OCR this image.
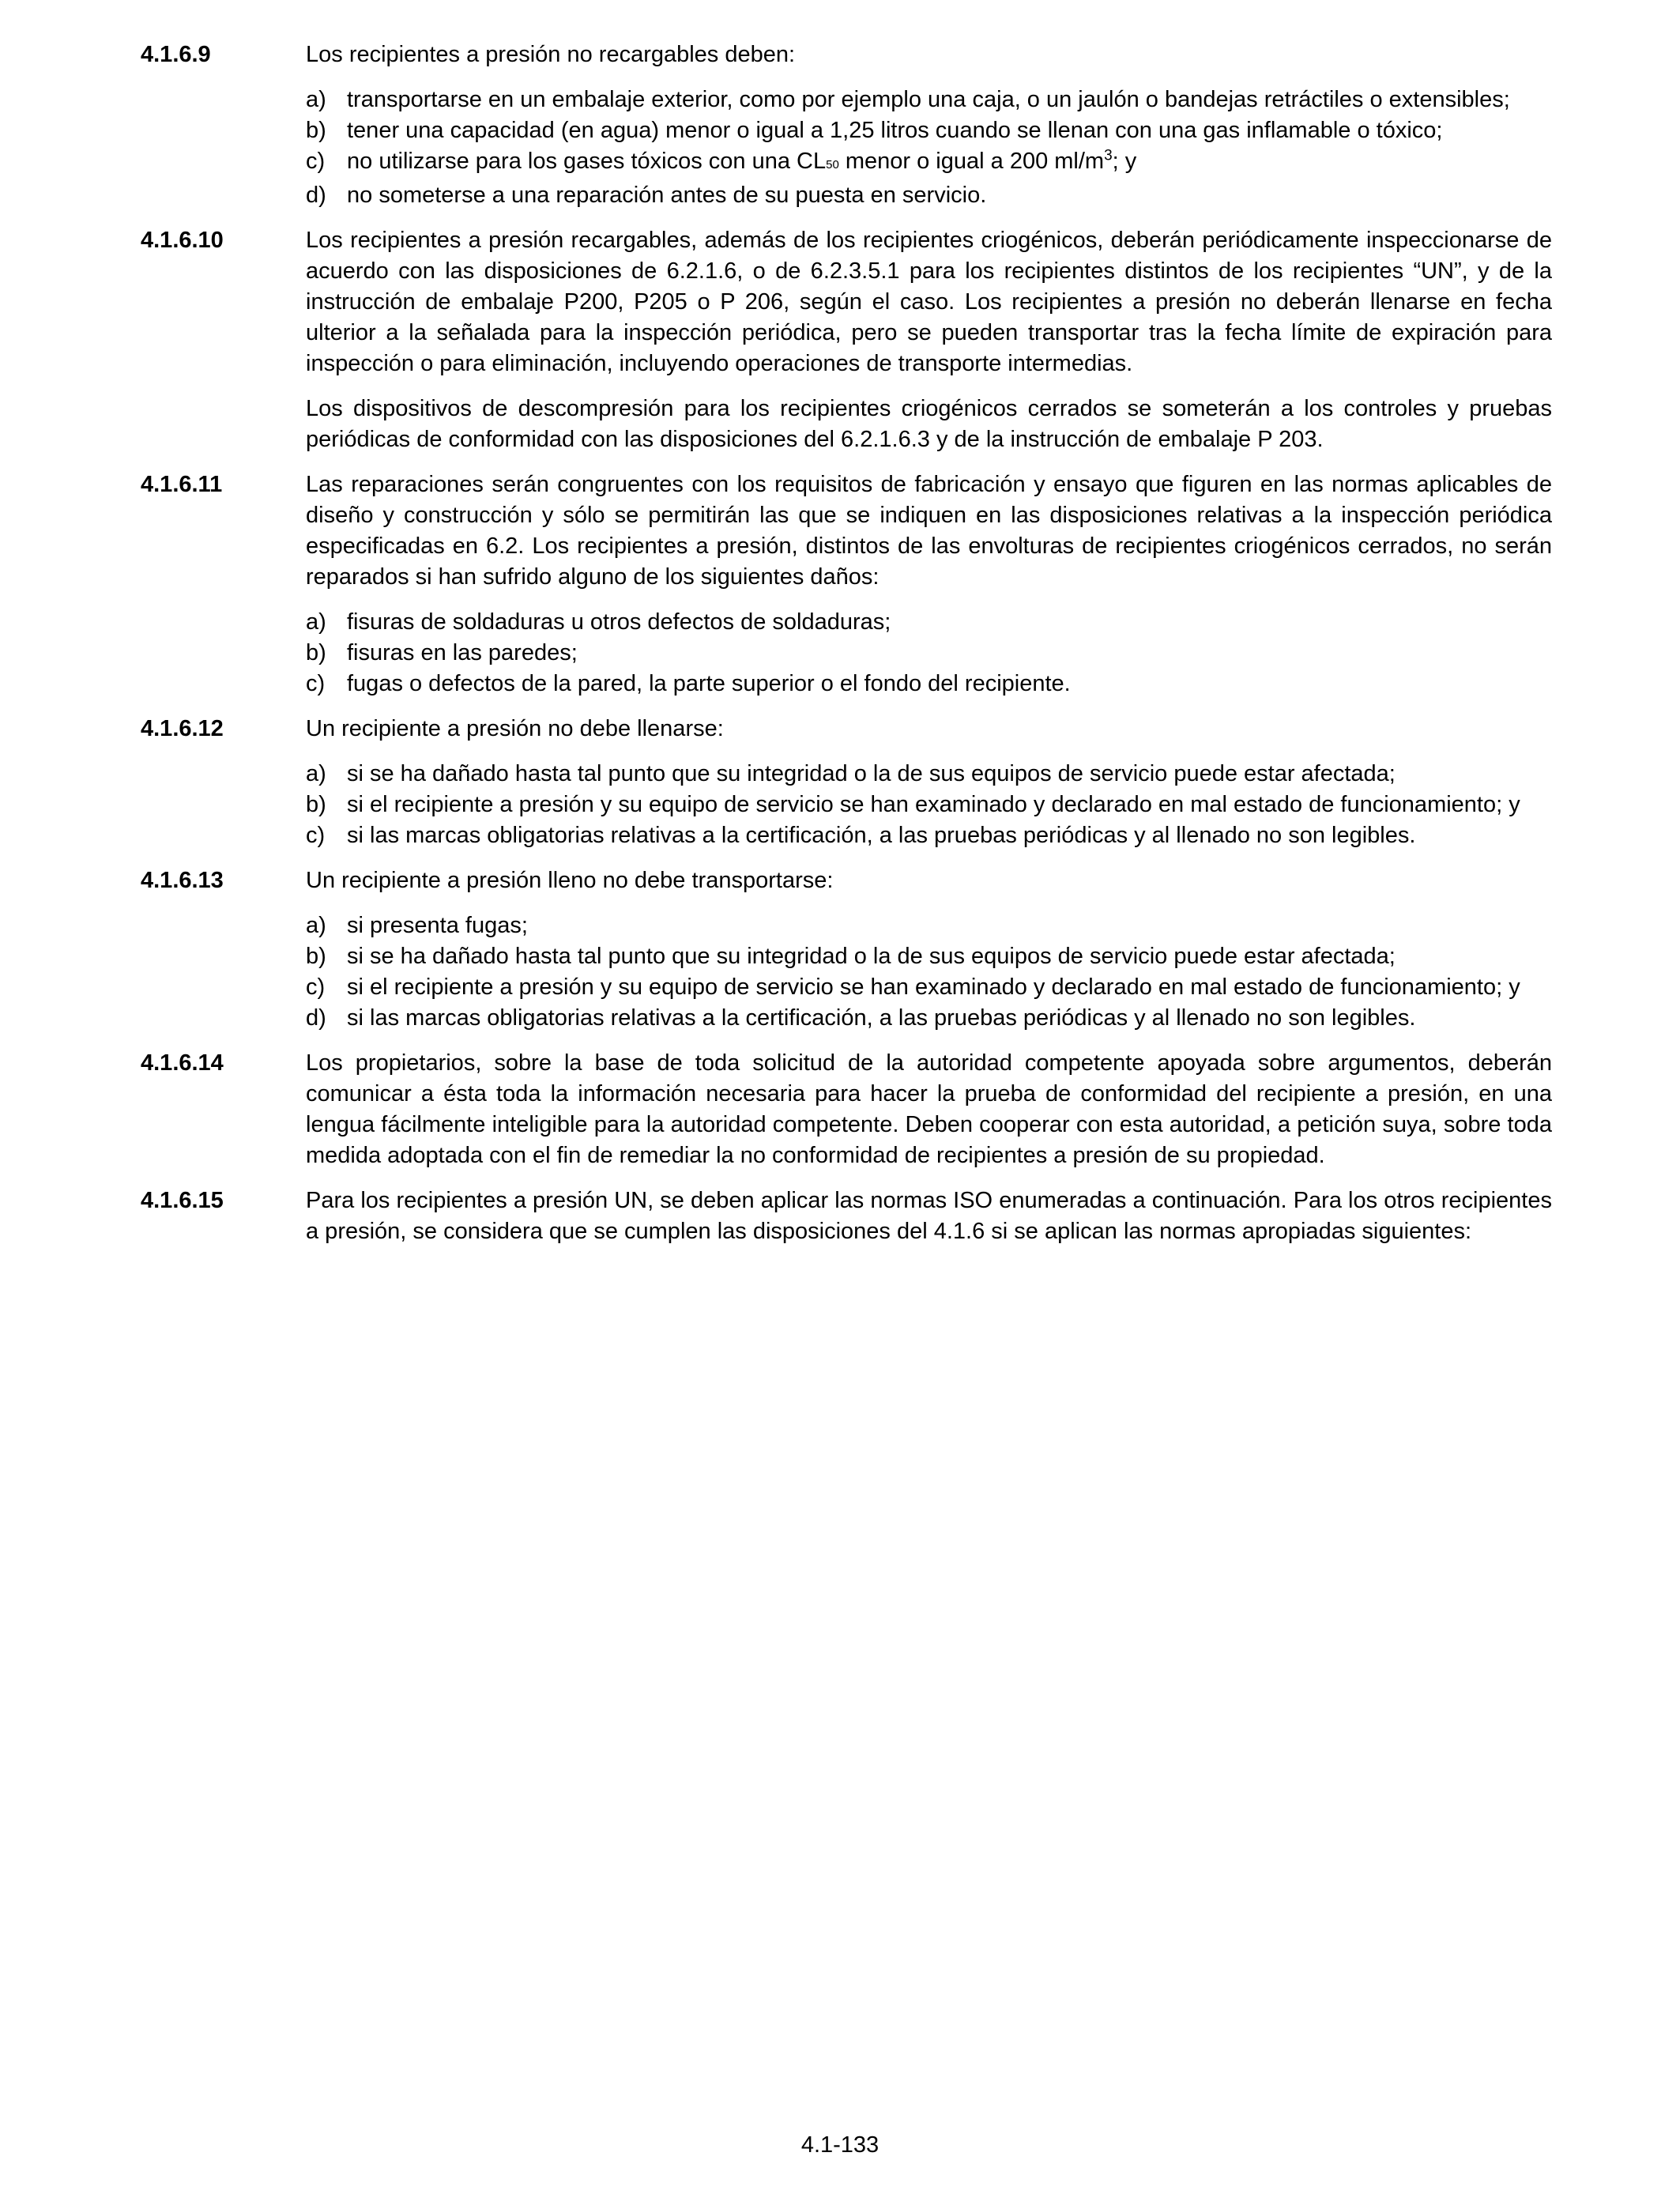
4.1.6.9	Los recipientes a presión no recargables deben:

a) transportarse en un embalaje exterior, como por ejemplo una caja, o un jaulón o bandejas retráctiles o extensibles;
b) tener una capacidad (en agua) menor o igual a 1,25 litros cuando se llenan con una gas inflamable o tóxico;
c) no utilizarse para los gases tóxicos con una CL50 menor o igual a 200 $ml/m^3$; y
d) no someterse a una reparación antes de su puesta en servicio.
4.1.6.10	Los recipientes a presión recargables, además de los recipientes criogénicos, deberán periódicamente inspeccionarse de acuerdo con las disposiciones de 6.2.1.6, o de 6.2.3.5.1 para los recipientes distintos de los recipientes “UN”, y de la instrucción de embalaje P200, P205 o P 206, según el caso. Los recipientes a presión no deberán llenarse en fecha ulterior a la señalada para la inspección periódica, pero se pueden transportar tras la fecha límite de expiración para inspección o para eliminación, incluyendo operaciones de transporte intermedias.

Los dispositivos de descompresión para los recipientes criogénicos cerrados se someterán a los controles y pruebas periódicas de conformidad con las disposiciones del 6.2.1.6.3 y de la instrucción de embalaje P 203.

4.1.6.11	Las reparaciones serán congruentes con los requisitos de fabricación y ensayo que figuren en las normas aplicables de diseño y construcción y sólo se permitirán las que se indiquen en las disposiciones relativas a la inspección periódica especificadas en 6.2. Los recipientes a presión, distintos de las envolturas de recipientes criogénicos cerrados, no serán reparados si han sufrido alguno de los siguientes daños:

a) fisuras de soldaduras u otros defectos de soldaduras;
b) fisuras en las paredes;
c) fugas o defectos de la pared, la parte superior o el fondo del recipiente.
4.1.6.12	Un recipiente a presión no debe llenarse:

a) si se ha dañado hasta tal punto que su integridad o la de sus equipos de servicio puede estar afectada;
b) si el recipiente a presión y su equipo de servicio se han examinado y declarado en mal estado de funcionamiento; y
c) si las marcas obligatorias relativas a la certificación, a las pruebas periódicas y al llenado no son legibles.
4.1.6.13	Un recipiente a presión lleno no debe transportarse:

a) si presenta fugas;
b) si se ha dañado hasta tal punto que su integridad o la de sus equipos de servicio puede estar afectada;
c) si el recipiente a presión y su equipo de servicio se han examinado y declarado en mal estado de funcionamiento; y
d) si las marcas obligatorias relativas a la certificación, a las pruebas periódicas y al llenado no son legibles.
4.1.6.14	Los propietarios, sobre la base de toda solicitud de la autoridad competente apoyada sobre argumentos, deberán comunicar a ésta toda la información necesaria para hacer la prueba de conformidad del recipiente a presión, en una lengua fácilmente inteligible para la autoridad competente. Deben cooperar con esta autoridad, a petición suya, sobre toda medida adoptada con el fin de remediar la no conformidad de recipientes a presión de su propiedad.

4.1.6.15	Para los recipientes a presión UN, se deben aplicar las normas ISO enumeradas a continuación. Para los otros recipientes a presión, se considera que se cumplen las disposiciones del 4.1.6 si se aplican las normas apropiadas siguientes:

4.1-133
